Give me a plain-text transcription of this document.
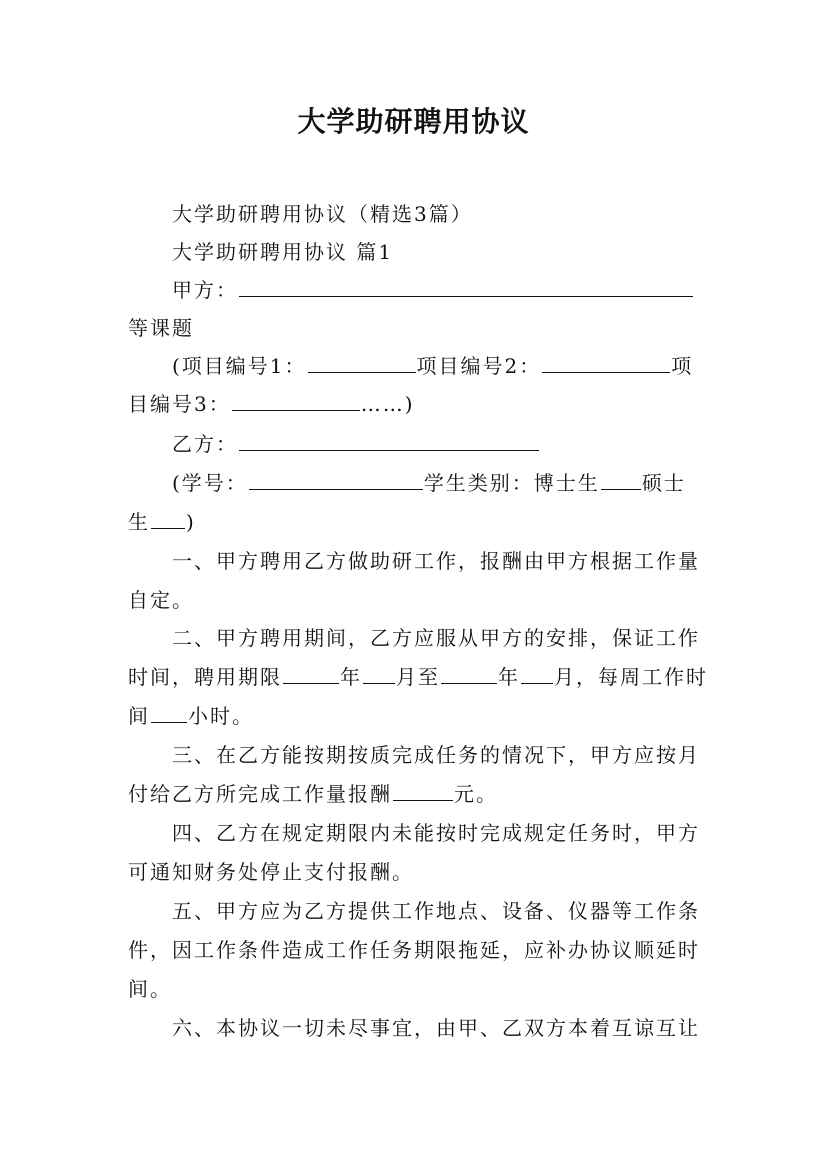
大学助研聘用协议

大学助研聘用协议（精选3篇）

大学助研聘用协议 篇1

甲方：

等课题

(项目编号1：	项目编号2：	项

目编号3：	……)

乙方：

(学号：	学生类别：博士生 硕士

生 )

一、甲方聘用乙方做助研工作，报酬由甲方根据工作量

自定。

二、甲方聘用期间，乙方应服从甲方的安排，保证工作

时间，聘用期限	年 月至	年 月，每周工作时

间 小时。

三、在乙方能按期按质完成任务的情况下，甲方应按月

付给乙方所完成工作量报酬	元。

四、乙方在规定期限内未能按时完成规定任务时，甲方

可通知财务处停止支付报酬。

五、甲方应为乙方提供工作地点、设备、仪器等工作条

件，因工作条件造成工作任务期限拖延，应补办协议顺延时

间。

六、本协议一切未尽事宜，由甲、乙双方本着互谅互让
